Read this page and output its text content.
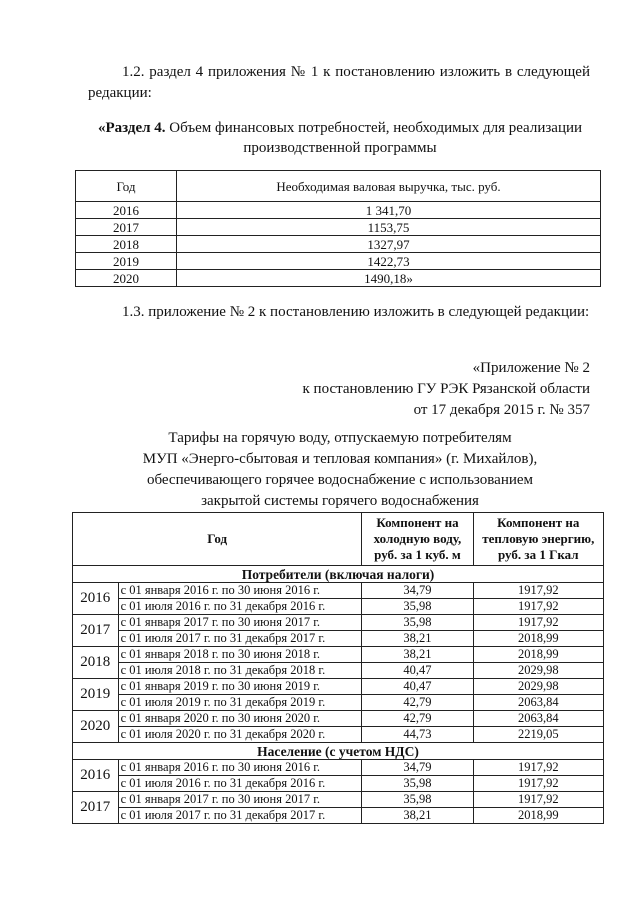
1.2. раздел 4 приложения № 1 к постановлению изложить в следующей редакции:
«Раздел 4. Объем финансовых потребностей, необходимых для реализации
производственной программы
Год	Необходимая валовая выручка, тыс. руб.
2016	1 341,70
2017	1153,75
2018	1327,97
2019	1422,73
2020	1490,18»
1.3. приложение № 2 к постановлению изложить в следующей редакции:
«Приложение № 2
к постановлению ГУ РЭК Рязанской области
от 17 декабря 2015 г. № 357
Тарифы на горячую воду, отпускаемую потребителям
МУП «Энерго-сбытовая и тепловая компания» (г. Михайлов),
обеспечивающего горячее водоснабжение с использованием
закрытой системы горячего водоснабжения
Год		Компонент на холодную воду, руб. за 1 куб. м	Компонент на тепловую энергию, руб. за 1 Гкал
Потребители (включая налоги)			
2016	с 01 января 2016 г. по 30 июня 2016 г.	34,79	1917,92
	с 01 июля 2016 г. по 31 декабря 2016 г.	35,98	1917,92
2017	с 01 января 2017 г. по 30 июня 2017 г.	35,98	1917,92
	с 01 июля 2017 г. по 31 декабря 2017 г.	38,21	2018,99
2018	с 01 января 2018 г. по 30 июня 2018 г.	38,21	2018,99
	с 01 июля 2018 г. по 31 декабря 2018 г.	40,47	2029,98
2019	с 01 января 2019 г. по 30 июня 2019 г.	40,47	2029,98
	с 01 июля 2019 г. по 31 декабря 2019 г.	42,79	2063,84
2020	с 01 января 2020 г. по 30 июня 2020 г.	42,79	2063,84
	с 01 июля 2020 г. по 31 декабря 2020 г.	44,73	2219,05
Население (с учетом НДС)			
2016	с 01 января 2016 г. по 30 июня 2016 г.	34,79	1917,92
	с 01 июля 2016 г. по 31 декабря 2016 г.	35,98	1917,92
2017	с 01 января 2017 г. по 30 июня 2017 г.	35,98	1917,92
	с 01 июля 2017 г. по 31 декабря 2017 г.	38,21	2018,99
